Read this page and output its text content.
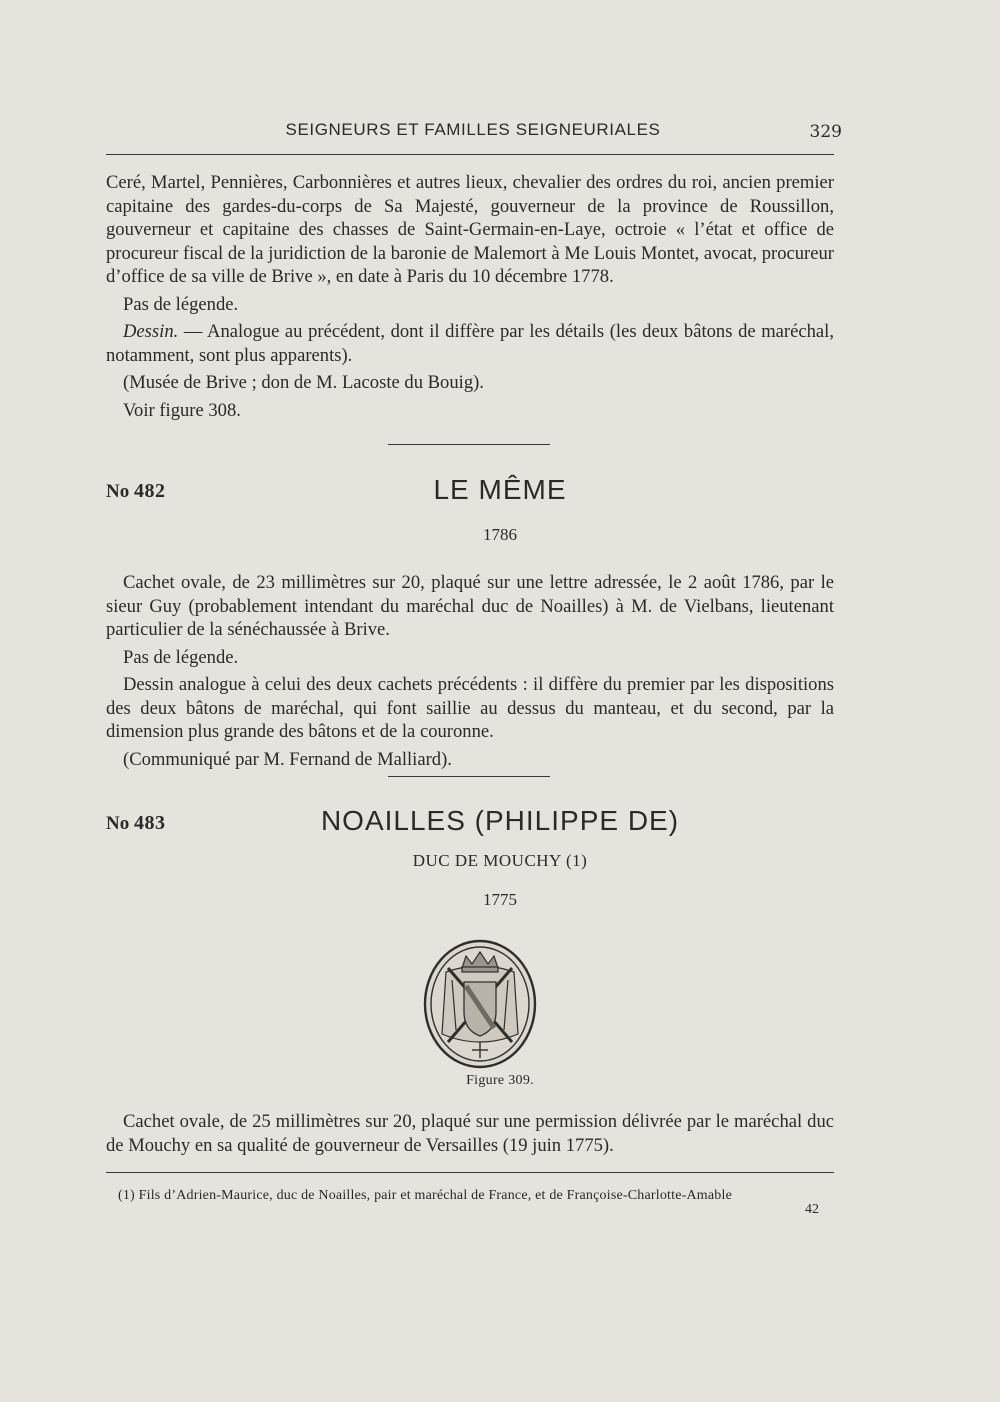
SEIGNEURS ET FAMILLES SEIGNEURIALES	329

Ceré, Martel, Pennières, Carbonnières et autres lieux, chevalier des ordres du roi, ancien premier capitaine des gardes-du-corps de Sa Majesté, gouverneur de la province de Roussillon, gouverneur et capitaine des chasses de Saint-Germain-en-Laye, octroie « l’état et office de procureur fiscal de la juridiction de la baronie de Malemort à Me Louis Montet, avocat, procureur d’office de sa ville de Brive », en date à Paris du 10 décembre 1778.

Pas de légende.

Dessin. — Analogue au précédent, dont il diffère par les détails (les deux bâtons de maréchal, notamment, sont plus apparents).

(Musée de Brive ; don de M. Lacoste du Bouig).

Voir figure 308.

No 482	LE MÊME
1786

Cachet ovale, de 23 millimètres sur 20, plaqué sur une lettre adressée, le 2 août 1786, par le sieur Guy (probablement intendant du maréchal duc de Noailles) à M. de Vielbans, lieutenant particulier de la sénéchaussée à Brive.

Pas de légende.

Dessin analogue à celui des deux cachets précédents : il diffère du premier par les dispositions des deux bâtons de maréchal, qui font saillie au dessus du manteau, et du second, par la dimension plus grande des bâtons et de la couronne.

(Communiqué par M. Fernand de Malliard).

No 483	NOAILLES (PHILIPPE DE)
DUC DE MOUCHY (1)
1775
Figure 309.

Cachet ovale, de 25 millimètres sur 20, plaqué sur une permission délivrée par le maréchal duc de Mouchy en sa qualité de gouverneur de Versailles (19 juin 1775).

(1) Fils d’Adrien-Maurice, duc de Noailles, pair et maréchal de France, et de Françoise-Charlotte-Amable
42
